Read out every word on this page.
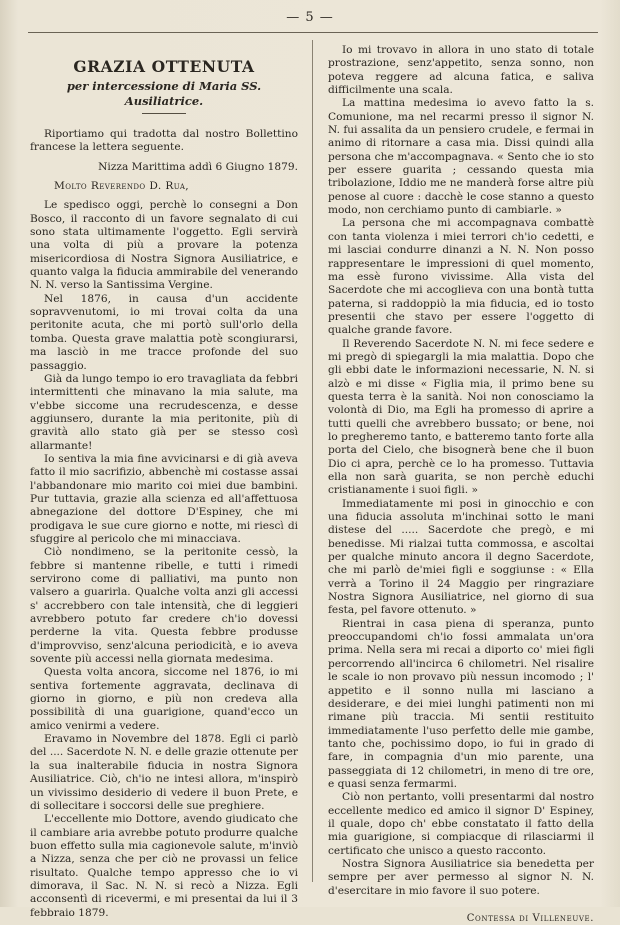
— 5 —
GRAZIA OTTENUTA
per intercessione di Maria SS. Ausiliatrice.

Riportiamo qui tradotta dal nostro Bollettino francese la lettera seguente.

Nizza Marittima addì 6 Giugno 1879.

Molto Reverendo D. Rua,

Le spedisco oggi, perchè lo consegni a Don Bosco, il racconto di un favore segnalato di cui sono stata ultimamente l'oggetto. Egli servirà una volta di più a provare la potenza misericordiosa di Nostra Signora Ausiliatrice, e quanto valga la fiducia ammirabile del venerando N. N. verso la Santissima Vergine.

Nel 1876, in causa d'un accidente sopravvenutomi, io mi trovai colta da una peritonite acuta, che mi portò sull'orlo della tomba. Questa grave malattia potè scongiurarsi, ma lasciò in me tracce profonde del suo passaggio.

Già da lungo tempo io ero travagliata da febbri intermittenti che minavano la mia salute, ma v'ebbe siccome una recrudescenza, e desse aggiunsero, durante la mia peritonite, più di gravità allo stato già per se stesso così allarmante!

Io sentiva la mia fine avvicinarsi e di già aveva fatto il mio sacrifizio, abbenchè mi costasse assai l'abbandonare mio marito coi miei due bambini. Pur tuttavia, grazie alla scienza ed all'affettuosa abnegazione del dottore D'Espiney, che mi prodigava le sue cure giorno e notte, mi riescì di sfuggire al pericolo che mi minacciava.

Ciò nondimeno, se la peritonite cessò, la febbre si mantenne ribelle, e tutti i rimedi servirono come di palliativi, ma punto non valsero a guarirla. Qualche volta anzi gli accessi s' accrebbero con tale intensità, che di leggieri avrebbero potuto far credere ch'io dovessi perderne la vita. Questa febbre produsse d'improvviso, senz'alcuna periodicità, e io aveva sovente più accessi nella giornata medesima.

Questa volta ancora, siccome nel 1876, io mi sentiva fortemente aggravata, declinava di giorno in giorno, e più non credeva alla possibilità di una guarigione, quand'ecco un amico venirmi a vedere.

Eravamo in Novembre del 1878. Egli ci parlò del .... Sacerdote N. N. e delle grazie ottenute per la sua inalterabile fiducia in nostra Signora Ausiliatrice. Ciò, ch'io ne intesi allora, m'inspirò un vivissimo desiderio di vedere il buon Prete, e di sollecitare i soccorsi delle sue preghiere.

L'eccellente mio Dottore, avendo giudicato che il cambiare aria avrebbe potuto produrre qualche buon effetto sulla mia cagionevole salute, m'inviò a Nizza, senza che per ciò ne provassi un felice risultato. Qualche tempo appresso che io vi dimorava, il Sac. N. N. si recò a Nizza. Egli acconsentì di ricevermi, e mi presentai da lui il 3 febbraio 1879.

Io mi trovavo in allora in uno stato di totale prostrazione, senz'appetito, senza sonno, non poteva reggere ad alcuna fatica, e saliva difficilmente una scala.

La mattina medesima io avevo fatto la s. Comunione, ma nel recarmi presso il signor N. N. fui assalita da un pensiero crudele, e fermai in animo di ritornare a casa mia. Dissi quindi alla persona che m'accompagnava. « Sento che io sto per essere guarita ; cessando questa mia tribolazione, Iddio me ne manderà forse altre più penose al cuore : dacchè le cose stanno a questo modo, non cerchiamo punto di cambiarle. »

La persona che mi accompagnava combattè con tanta violenza i miei terrori ch'io cedetti, e mi lasciai condurre dinanzi a N. N. Non posso rappresentare le impressioni di quel momento, ma essè furono vivissime. Alla vista del Sacerdote che mi accoglieva con una bontà tutta paterna, si raddoppiò la mia fiducia, ed io tosto presentii che stavo per essere l'oggetto di qualche grande favore.

Il Reverendo Sacerdote N. N. mi fece sedere e mi pregò di spiegargli la mia malattia. Dopo che gli ebbi date le informazioni necessarie, N. N. si alzò e mi disse « Figlia mia, il primo bene su questa terra è la sanità. Noi non conosciamo la volontà di Dio, ma Egli ha promesso di aprire a tutti quelli che avrebbero bussato; or bene, noi lo pregheremo tanto, e batteremo tanto forte alla porta del Cielo, che bisognerà bene che il buon Dio ci apra, perchè ce lo ha promesso. Tuttavia ella non sarà guarita, se non perchè educhi cristianamente i suoi figli. »

Immediatamente mi posi in ginocchio e con una fiducia assoluta m'inchinai sotto le mani distese del ..... Sacerdote che pregò, e mi benedisse. Mi rialzai tutta commossa, e ascoltai per qualche minuto ancora il degno Sacerdote, che mi parlò de'miei figli e soggiunse : « Ella verrà a Torino il 24 Maggio per ringraziare Nostra Signora Ausiliatrice, nel giorno di sua festa, pel favore ottenuto. »

Rientrai in casa piena di speranza, punto preoccupandomi ch'io fossi ammalata un'ora prima. Nella sera mi recai a diporto co' miei figli percorrendo all'incirca 6 chilometri. Nel risalire le scale io non provavo più nessun incomodo ; l' appetito e il sonno nulla mi lasciano a desiderare, e dei miei lunghi patimenti non mi rimane più traccia. Mi sentii restituito immediatamente l'uso perfetto delle mie gambe, tanto che, pochissimo dopo, io fui in grado di fare, in compagnia d'un mio parente, una passeggiata di 12 chilometri, in meno di tre ore, e quasi senza fermarmi.

Ciò non pertanto, volli presentarmi dal nostro eccellente medico ed amico il signor D' Espiney, il quale, dopo ch' ebbe constatato il fatto della mia guarigione, si compiacque di rilasciarmi il certificato che unisco a questo racconto.

Nostra Signora Ausiliatrice sia benedetta per sempre per aver permesso al signor N. N. d'esercitare in mio favore il suo potere.

Contessa di Villeneuve.
